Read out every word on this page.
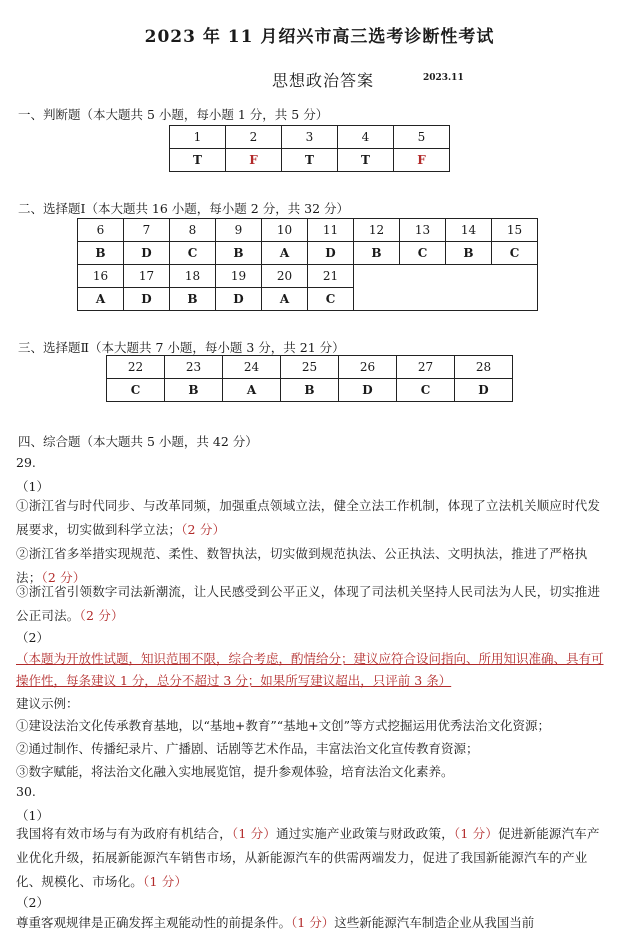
2023 年 11 月绍兴市高三选考诊断性考试
思想政治答案	2023.11
一、判断题（本大题共 5 小题，每小题 1 分，共 5 分）
1	2	3	4	5
T	F	T	T	F
二、选择题Ⅰ（本大题共 16 小题，每小题 2 分，共 32 分）
6	7	8	9	10	11	12	13	14	15
B	D	C	B	A	D	B	C	B	C
16	17	18	19	20	21				
A	D	B	D	A	C				
三、选择题Ⅱ（本大题共 7 小题，每小题 3 分，共 21 分）
22	23	24	25	26	27	28
C	B	A	B	D	C	D
四、综合题（本大题共 5 小题，共 42 分）
29.
（1）
①浙江省与时代同步、与改革同频，加强重点领域立法，健全立法工作机制，体现了立法机关顺应时代发展要求，切实做到科学立法；（2 分）
②浙江省多举措实现规范、柔性、数智执法，切实做到规范执法、公正执法、文明执法，推进了严格执法；（2 分）
③浙江省引领数字司法新潮流，让人民感受到公平正义，体现了司法机关坚持人民司法为人民，切实推进公正司法。（2 分）
（2）
（本题为开放性试题，知识范围不限，综合考虑，酌情给分；建议应符合设问指向、所用知识准确、具有可操作性，每条建议 1 分，总分不超过 3 分；如果所写建议超出，只评前 3 条）
建议示例：
①建设法治文化传承教育基地，以“基地+教育”“基地+文创”等方式挖掘运用优秀法治文化资源；
②通过制作、传播纪录片、广播剧、话剧等艺术作品，丰富法治文化宣传教育资源；
③数字赋能，将法治文化融入实地展览馆，提升参观体验，培育法治文化素养。
30.
（1）
我国将有效市场与有为政府有机结合，（1 分）通过实施产业政策与财政政策，（1 分）促进新能源汽车产业优化升级，拓展新能源汽车销售市场，从新能源汽车的供需两端发力，促进了我国新能源汽车的产业化、规模化、市场化。（1 分）
（2）
尊重客观规律是正确发挥主观能动性的前提条件。（1 分）这些新能源汽车制造企业从我国当前
